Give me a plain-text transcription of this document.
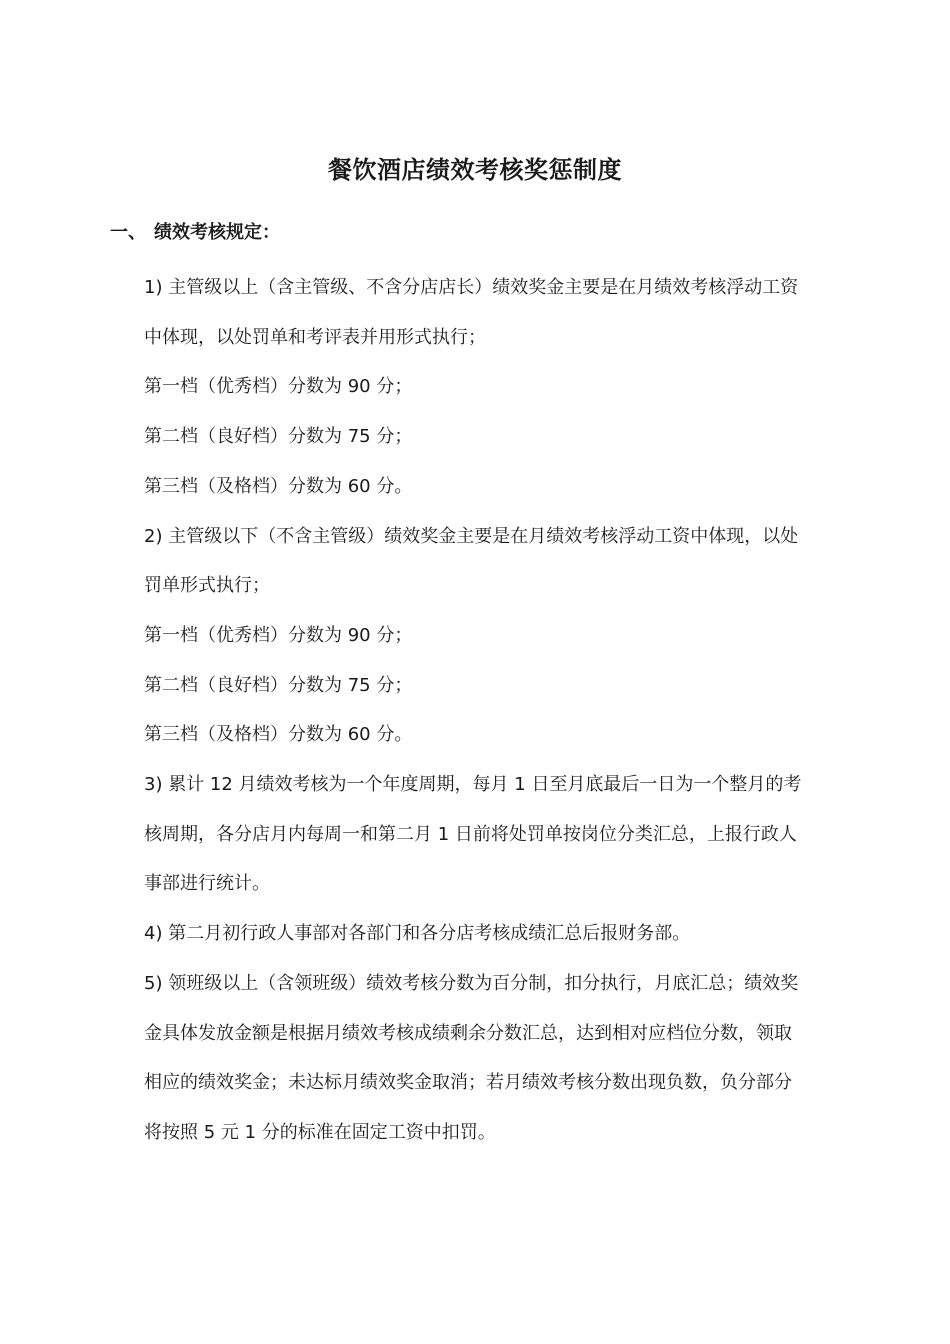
餐饮酒店绩效考核奖惩制度
一、 绩效考核规定：

1) 主管级以上（含主管级、不含分店店长）绩效奖金主要是在月绩效考核浮动工资中体现，以处罚单和考评表并用形式执行；

第一档（优秀档）分数为 90 分；

第二档（良好档）分数为 75 分；

第三档（及格档）分数为 60 分。

2) 主管级以下（不含主管级）绩效奖金主要是在月绩效考核浮动工资中体现，以处罚单形式执行；

第一档（优秀档）分数为 90 分；

第二档（良好档）分数为 75 分；

第三档（及格档）分数为 60 分。

3) 累计 12 月绩效考核为一个年度周期，每月 1 日至月底最后一日为一个整月的考核周期，各分店月内每周一和第二月 1 日前将处罚单按岗位分类汇总，上报行政人事部进行统计。

4) 第二月初行政人事部对各部门和各分店考核成绩汇总后报财务部。

5) 领班级以上（含领班级）绩效考核分数为百分制，扣分执行，月底汇总；绩效奖金具体发放金额是根据月绩效考核成绩剩余分数汇总，达到相对应档位分数，领取相应的绩效奖金；未达标月绩效奖金取消；若月绩效考核分数出现负数，负分部分将按照 5 元 1 分的标准在固定工资中扣罚。
